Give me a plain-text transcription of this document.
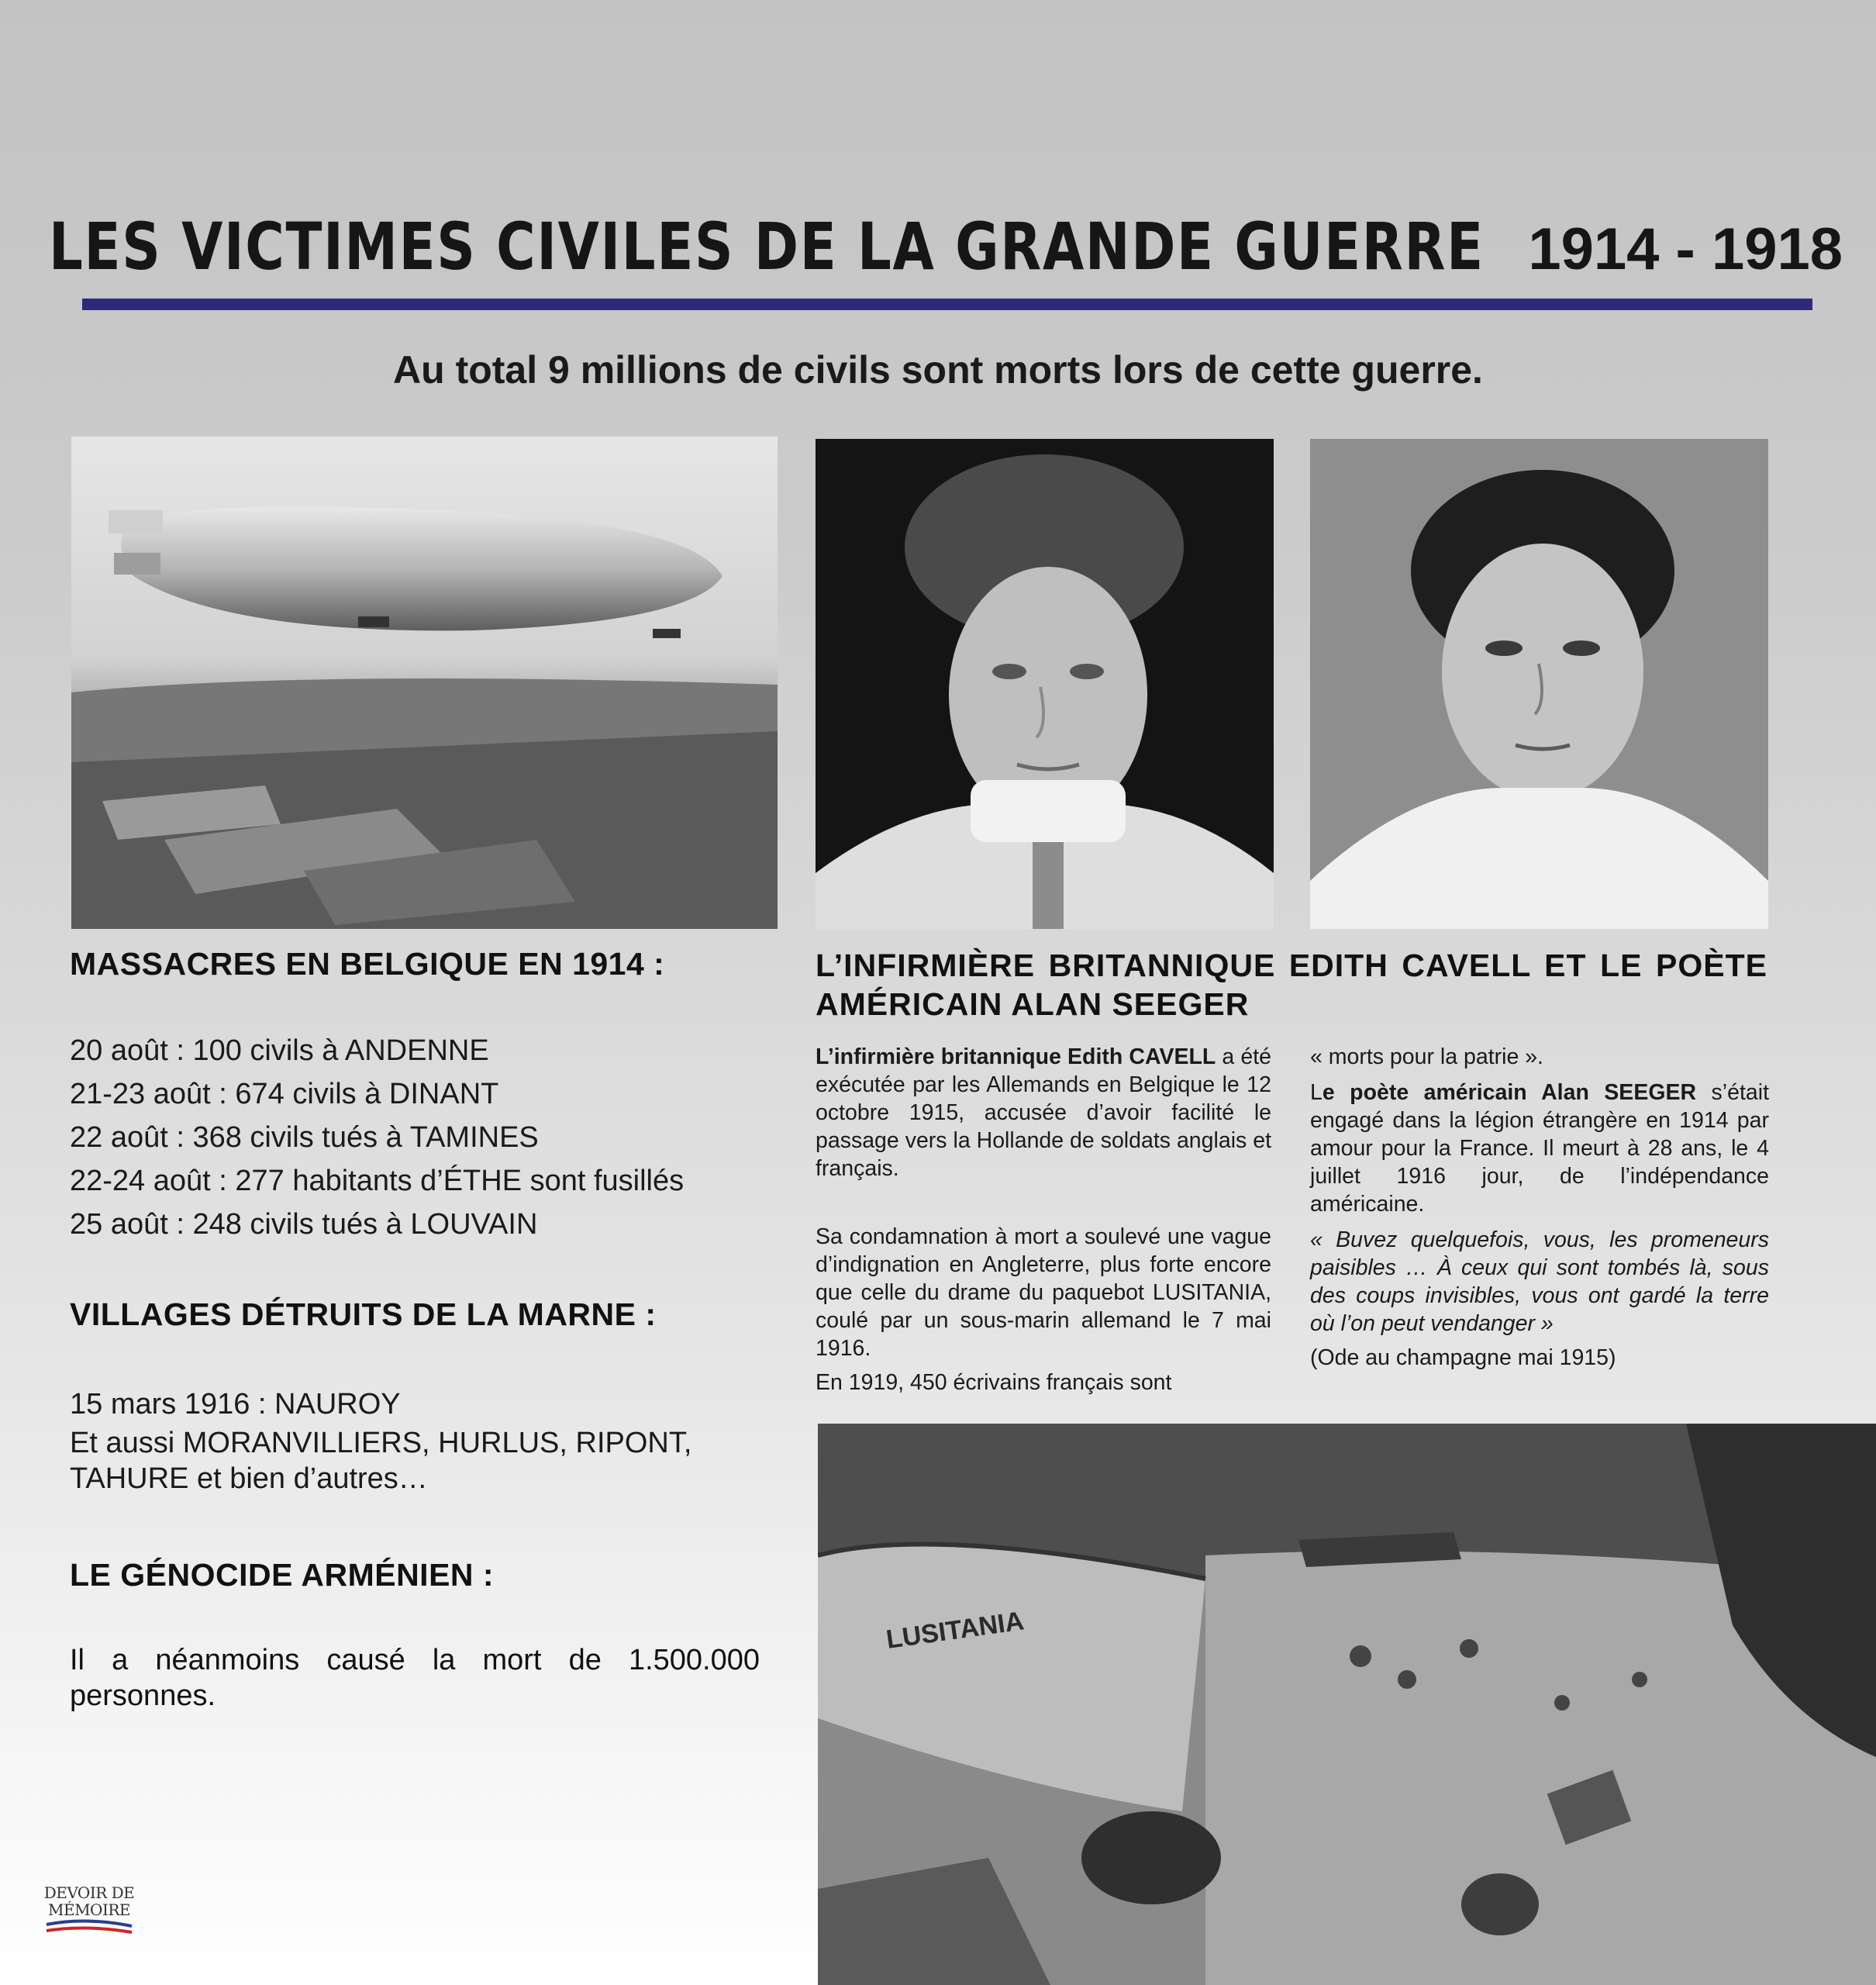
LES VICTIMES CIVILES DE LA GRANDE GUERRE 1914 - 1918
Au total 9 millions de civils sont morts lors de cette guerre.
MASSACRES EN BELGIQUE EN 1914 :
20 août : 100 civils à ANDENNE
21-23 août : 674 civils à DINANT
22 août : 368 civils tués à TAMINES
22-24 août : 277 habitants d’ÉTHE sont fusillés
25 août : 248 civils tués à LOUVAIN
VILLAGES DÉTRUITS DE LA MARNE :
15 mars 1916 : NAUROY
Et aussi MORANVILLIERS, HURLUS, RIPONT, TAHURE et bien d’autres…
LE GÉNOCIDE ARMÉNIEN :
Il a néanmoins causé la mort de 1.500.000 personnes.
L’INFIRMIÈRE BRITANNIQUE EDITH CAVELL ET LE POÈTE AMÉRICAIN ALAN SEEGER
L’infirmière britannique Edith CAVELL a été exécutée par les Allemands en Belgique le 12 octobre 1915, accusée d’avoir facilité le passage vers la Hollande de soldats anglais et français.
Sa condamnation à mort a soulevé une vague d’indignation en Angleterre, plus forte encore que celle du drame du paquebot LUSITANIA, coulé par un sous-marin allemand le 7 mai 1916.
En 1919, 450 écrivains français sont
« morts pour la patrie ».
Le poète américain Alan SEEGER s’était engagé dans la légion étrangère en 1914 par amour pour la France. Il meurt à 28 ans, le 4 juillet 1916 jour, de l’indépendance américaine.
« Buvez quelquefois, vous, les promeneurs paisibles … À ceux qui sont tombés là, sous des coups invisibles, vous ont gardé la terre où l’on peut vendanger »
(Ode au champagne mai 1915)
LUSITANIA
DEVOIR DE
MÉMOIRE
